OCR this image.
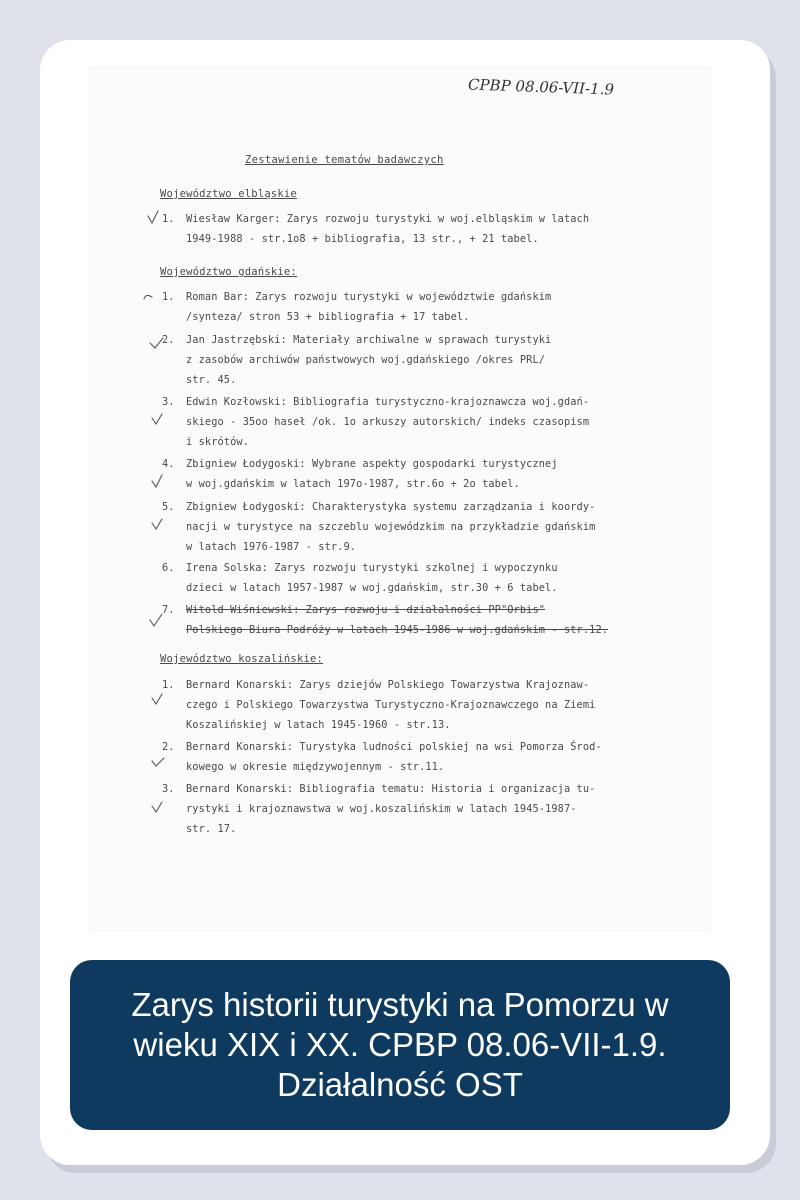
CPBP 08.06-VII-1.9
Zestawienie tematów badawczych
Województwo elbląskie
1. Wiesław Karger: Zarys rozwoju turystyki w woj.elbląskim w latach
1949-1988 - str.1o8 + bibliografia, 13 str., + 21 tabel.
Województwo gdańskie:
1. Roman Bar: Zarys rozwoju turystyki w województwie gdańskim
/synteza/ stron 53 + bibliografia + 17 tabel.
2. Jan Jastrzębski: Materiały archiwalne w sprawach turystyki
z zasobów archiwów państwowych woj.gdańskiego /okres PRL/
str. 45.
3. Edwin Kozłowski: Bibliografia turystyczno-krajoznawcza woj.gdań-
skiego - 35oo haseł /ok. 1o arkuszy autorskich/ indeks czasopism
i skrótów.
4. Zbigniew Łodygoski: Wybrane aspekty gospodarki turystycznej
w woj.gdańskim w latach 197o-1987, str.6o + 2o tabel.
5. Zbigniew Łodygoski: Charakterystyka systemu zarządzania i koordy-
nacji w turystyce na szczeblu wojewódzkim na przykładzie gdańskim
w latach 1976-1987 - str.9.
6. Irena Solska: Zarys rozwoju turystyki szkolnej i wypoczynku
dzieci w latach 1957-1987 w woj.gdańskim, str.30 + 6 tabel.
7. Witold Wiśniewski: Zarys rozwoju i działalności PP"Orbis"
Polskiego Biura Podróży w latach 1945-1986 w woj.gdańskim - str.12.
Województwo koszalińskie:
1. Bernard Konarski: Zarys dziejów Polskiego Towarzystwa Krajoznaw-
czego i Polskiego Towarzystwa Turystyczno-Krajoznawczego na Ziemi
Koszalińskiej w latach 1945-1960 - str.13.
2. Bernard Konarski: Turystyka ludności polskiej na wsi Pomorza Środ-
kowego w okresie międzywojennym - str.11.
3. Bernard Konarski: Bibliografia tematu: Historia i organizacja tu-
rystyki i krajoznawstwa w woj.koszalińskim w latach 1945-1987-
str. 17.
Zarys historii turystyki na Pomorzu w wieku XIX i XX. CPBP 08.06-VII-1.9. Działalność OST
